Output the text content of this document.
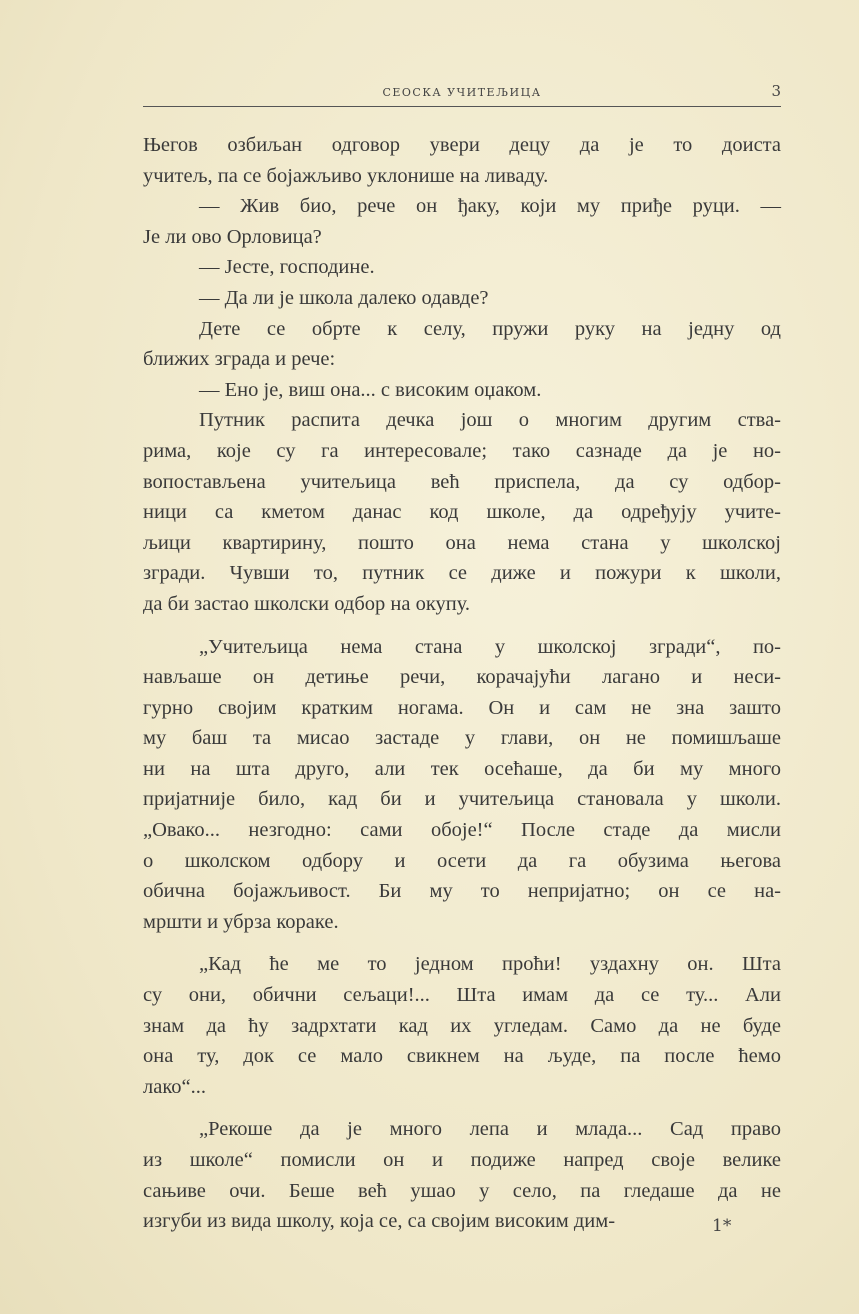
СЕОСКА УЧИТЕЉИЦА	3
Његов озбиљан одговор увери децу да је то доиста
учитељ, па се бојажљиво уклонише на ливаду.
— Жив био, рече он ђаку, који му приђе руци. —
Је ли ово Орловица?
— Јесте, господине.
— Да ли је школа далеко одавде?
Дете се обрте к селу, пружи руку на једну од
ближих зграда и рече:
— Ено је, виш она... с високим оџаком.
Путник распита дечка још о многим другим ства-
рима, које су га интересовале; тако сазнаде да је но-
вопостављена учитељица већ приспела, да су одбор-
ници са кметом данас код школе, да одређују учите-
љици квартирину, пошто она нема стана у школској
згради. Чувши то, путник се диже и пожури к школи,
да би застао школски одбор на окупу.
„Учитељица нема стана у школској згради“, по-
нављаше он детиње речи, корачајући лагано и неси-
гурно својим кратким ногама. Он и сам не зна зашто
му баш та мисао застаде у глави, он не помишљаше
ни на шта друго, али тек осећаше, да би му много
пријатније било, кад би и учитељица становала у школи.
„Овако... незгодно: сами обоје!“ После стаде да мисли
о школском одбору и осети да га обузима његова
обична бојажљивост. Би му то непријатно; он се на-
мршти и убрза кораке.
„Кад ће ме то једном проћи! уздахну он. Шта
су они, обични сељаци!... Шта имам да се ту... Али
знам да ћу задрхтати кад их угледам. Само да не буде
она ту, док се мало свикнем на људе, па после ћемо
лако“...
„Рекоше да је много лепа и млада... Сад право
из школе“ помисли он и подиже напред своје велике
сањиве очи. Беше већ ушао у село, па гледаше да не
изгуби из вида школу, која се, са својим високим дим-	1*
